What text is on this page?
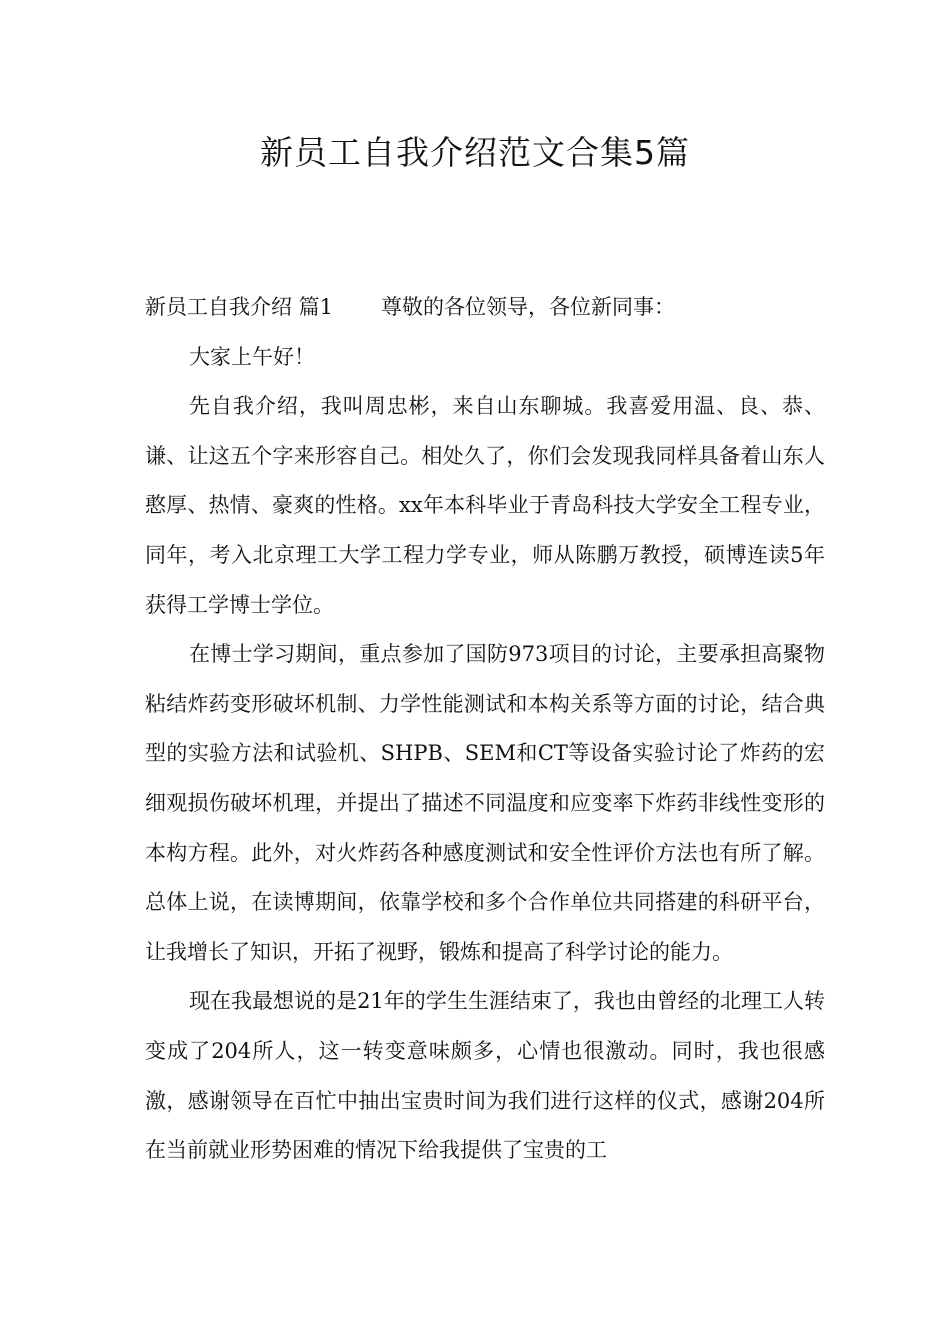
新员工自我介绍范文合集5篇

新员工自我介绍 篇1 尊敬的各位领导，各位新同事：

大家上午好！

先自我介绍，我叫周忠彬，来自山东聊城。我喜爱用温、良、恭、谦、让这五个字来形容自己。相处久了，你们会发现我同样具备着山东人憨厚、热情、豪爽的性格。xx年本科毕业于青岛科技大学安全工程专业，同年，考入北京理工大学工程力学专业，师从陈鹏万教授，硕博连读5年获得工学博士学位。

在博士学习期间，重点参加了国防973项目的讨论，主要承担高聚物粘结炸药变形破坏机制、力学性能测试和本构关系等方面的讨论，结合典型的实验方法和试验机、SHPB、SEM和CT等设备实验讨论了炸药的宏细观损伤破坏机理，并提出了描述不同温度和应变率下炸药非线性变形的本构方程。此外，对火炸药各种感度测试和安全性评价方法也有所了解。总体上说，在读博期间，依靠学校和多个合作单位共同搭建的科研平台，让我增长了知识，开拓了视野，锻炼和提高了科学讨论的能力。

现在我最想说的是21年的学生生涯结束了，我也由曾经的北理工人转变成了204所人，这一转变意味颇多，心情也很激动。同时，我也很感激，感谢领导在百忙中抽出宝贵时间为我们进行这样的仪式，感谢204所在当前就业形势困难的情况下给我提供了宝贵的工
